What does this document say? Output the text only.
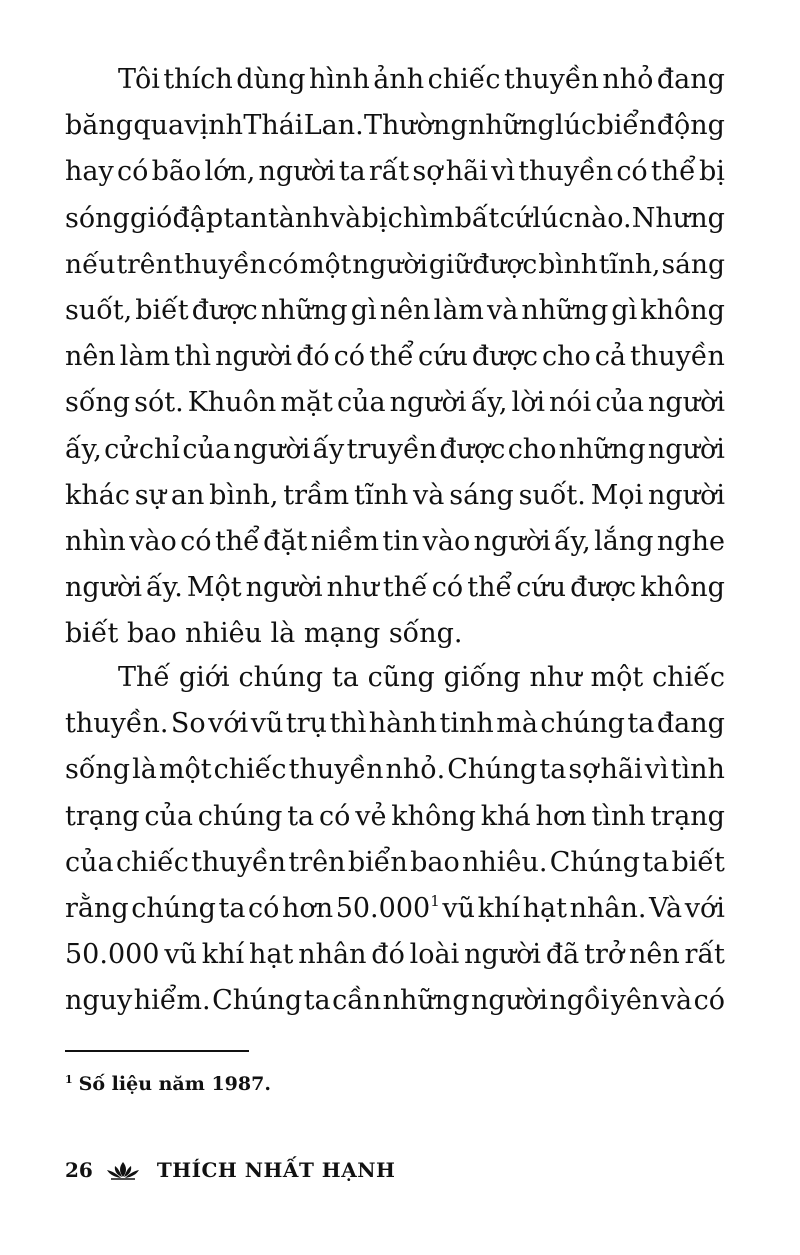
Tôi thích dùng hình ảnh chiếc thuyền nhỏ đang
băng qua vịnh Thái Lan. Thường những lúc biển động
hay có bão lớn, người ta rất sợ hãi vì thuyền có thể bị
sóng gió đập tan tành và bị chìm bất cứ lúc nào. Nhưng
nếu trên thuyền có một người giữ được bình tĩnh, sáng
suốt, biết được những gì nên làm và những gì không
nên làm thì người đó có thể cứu được cho cả thuyền
sống sót. Khuôn mặt của người ấy, lời nói của người
ấy, cử chỉ của người ấy truyền được cho những người
khác sự an bình, trầm tĩnh và sáng suốt. Mọi người
nhìn vào có thể đặt niềm tin vào người ấy, lắng nghe
người ấy. Một người như thế có thể cứu được không
biết bao nhiêu là mạng sống.
Thế giới chúng ta cũng giống như một chiếc
thuyền. So với vũ trụ thì hành tinh mà chúng ta đang
sống là một chiếc thuyền nhỏ. Chúng ta sợ hãi vì tình
trạng của chúng ta có vẻ không khá hơn tình trạng
của chiếc thuyền trên biển bao nhiêu. Chúng ta biết
rằng chúng ta có hơn 50.000$^1$ vũ khí hạt nhân. Và với
50.000 vũ khí hạt nhân đó loài người đã trở nên rất
nguy hiểm. Chúng ta cần những người ngồi yên và có
$^1$ Số liệu năm 1987.
26	THÍCH NHẤT HẠNH
